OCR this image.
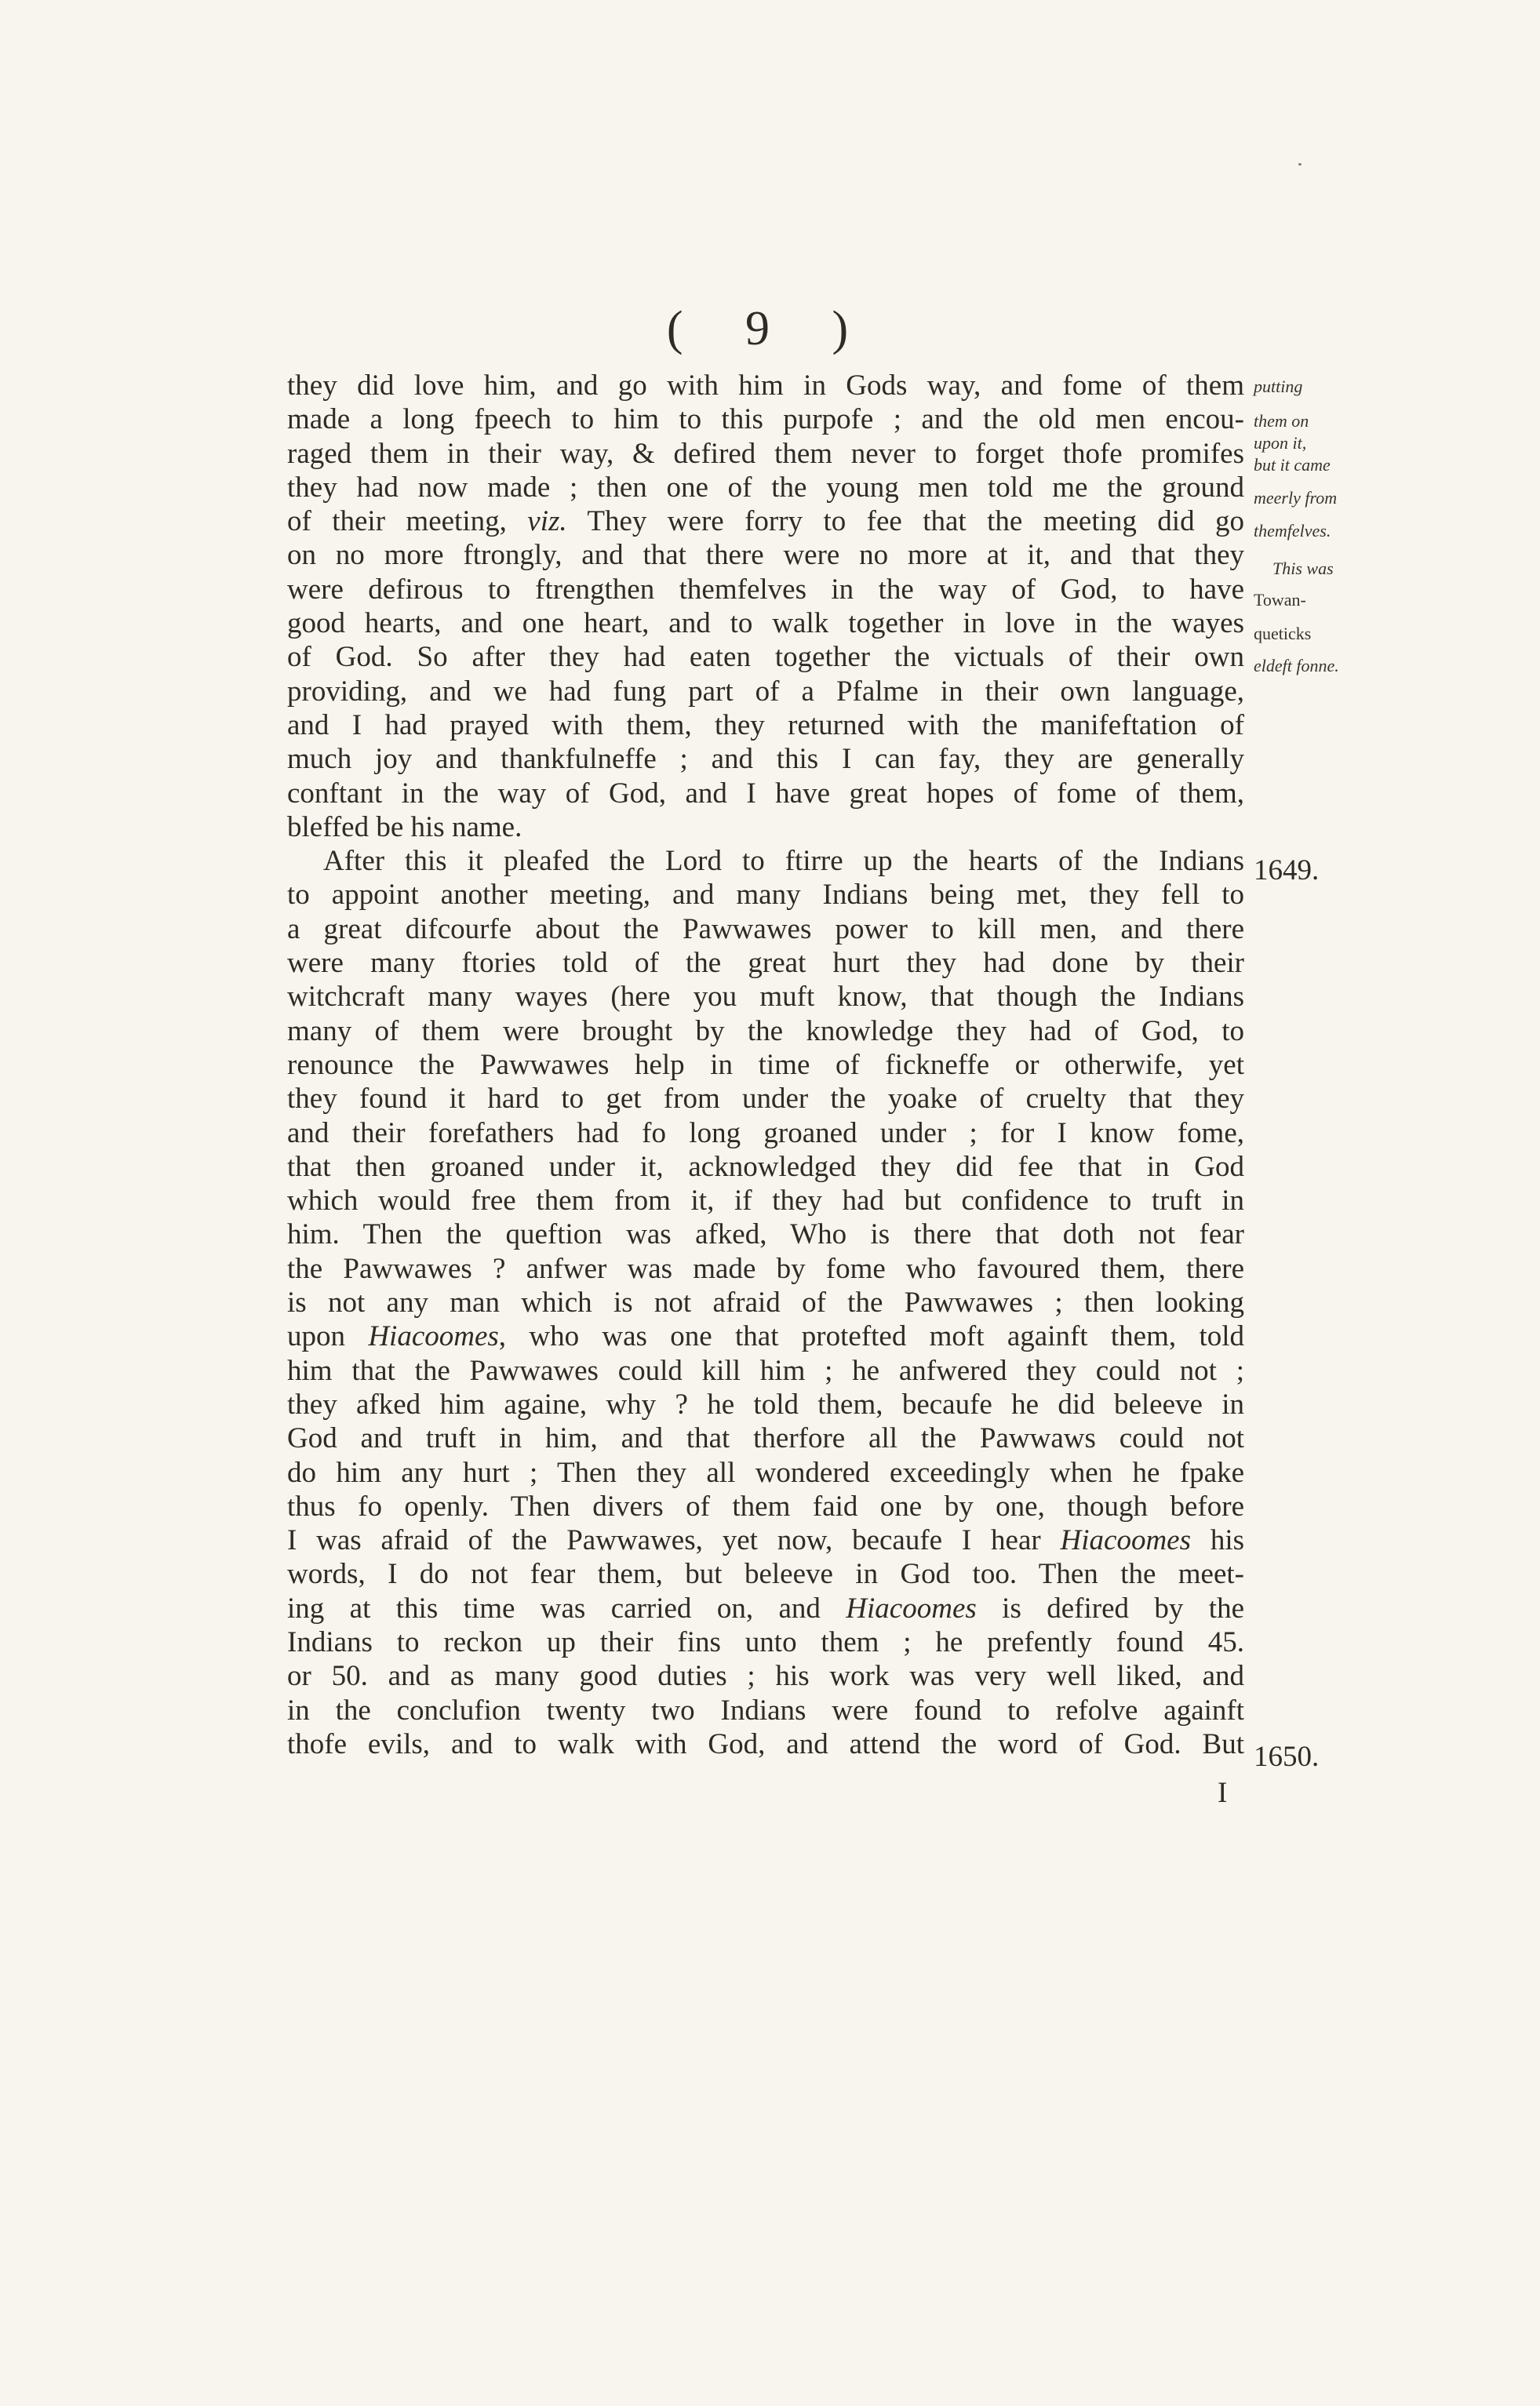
( 9 )
they did love him, and go with him in Gods way, and fome of them
made a long fpeech to him to this purpofe ; and the old men encou-
raged them in their way, & defired them never to forget thofe promifes
they had now made ; then one of the young men told me the ground
of their meeting, viz. They were forry to fee that the meeting did go
on no more ftrongly, and that there were no more at it, and that they
were defirous to ftrengthen themfelves in the way of God, to have
good hearts, and one heart, and to walk together in love in the wayes
of God. So after they had eaten together the victuals of their own
providing, and we had fung part of a Pfalme in their own language,
and I had prayed with them, they returned with the manifeftation of
much joy and thankfulneffe ; and this I can fay, they are generally
conftant in the way of God, and I have great hopes of fome of them,
bleffed be his name.
After this it pleafed the Lord to ftirre up the hearts of the Indians
to appoint another meeting, and many Indians being met, they fell to
a great difcourfe about the Pawwawes power to kill men, and there
were many ftories told of the great hurt they had done by their
witchcraft many wayes (here you muft know, that though the Indians
many of them were brought by the knowledge they had of God, to
renounce the Pawwawes help in time of fickneffe or otherwife, yet
they found it hard to get from under the yoake of cruelty that they
and their forefathers had fo long groaned under ; for I know fome,
that then groaned under it, acknowledged they did fee that in God
which would free them from it, if they had but confidence to truft in
him. Then the queftion was afked, Who is there that doth not fear
the Pawwawes ? anfwer was made by fome who favoured them, there
is not any man which is not afraid of the Pawwawes ; then looking
upon Hiacoomes, who was one that protefted moft againft them, told
him that the Pawwawes could kill him ; he anfwered they could not ;
they afked him againe, why ? he told them, becaufe he did beleeve in
God and truft in him, and that therfore all the Pawwaws could not
do him any hurt ; Then they all wondered exceedingly when he fpake
thus fo openly. Then divers of them faid one by one, though before
I was afraid of the Pawwawes, yet now, becaufe I hear Hiacoomes his
words, I do not fear them, but beleeve in God too. Then the meet-
ing at this time was carried on, and Hiacoomes is defired by the
Indians to reckon up their fins unto them ; he prefently found 45.
or 50. and as many good duties ; his work was very well liked, and
in the conclufion twenty two Indians were found to refolve againft
thofe evils, and to walk with God, and attend the word of God. But
I
putting
them on
upon it,
but it came
meerly from
themfelves.
This was
Towan-
queticks
eldeft fonne.
1649.
1650.
